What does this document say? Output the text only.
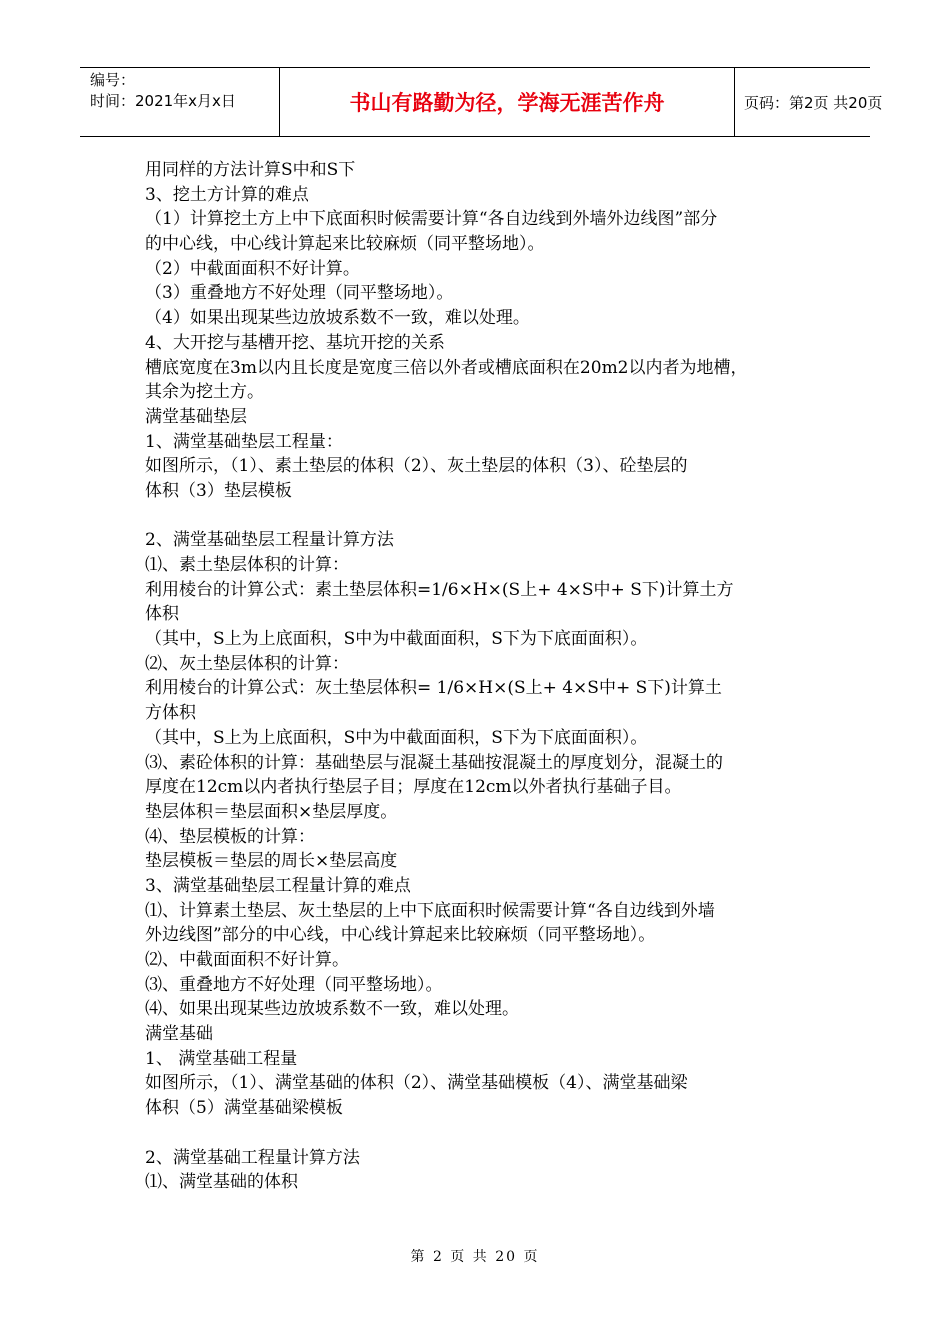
编号：
时间：2021年x月x日	书山有路勤为径，学海无涯苦作舟	页码：第2页 共20页
用同样的方法计算S中和S下
3、挖土方计算的难点
（1）计算挖土方上中下底面积时候需要计算“各自边线到外墙外边线图”部分
的中心线，中心线计算起来比较麻烦（同平整场地）。
（2）中截面面积不好计算。
（3）重叠地方不好处理（同平整场地）。
（4）如果出现某些边放坡系数不一致，难以处理。
4、大开挖与基槽开挖、基坑开挖的关系
槽底宽度在3m以内且长度是宽度三倍以外者或槽底面积在20m2以内者为地槽，
其余为挖土方。
满堂基础垫层
1、满堂基础垫层工程量：
如图所示，（1）、素土垫层的体积（2）、灰土垫层的体积（3）、砼垫层的
体积（3）垫层模板
2、满堂基础垫层工程量计算方法
⑴、素土垫层体积的计算：
利用棱台的计算公式：素土垫层体积=1/6×H×(S上+ 4×S中+ S下)计算土方
体积
（其中，S上为上底面积，S中为中截面面积，S下为下底面面积）。
⑵、灰土垫层体积的计算：
利用棱台的计算公式：灰土垫层体积= 1/6×H×(S上+ 4×S中+ S下)计算土
方体积
（其中，S上为上底面积，S中为中截面面积，S下为下底面面积）。
⑶、素砼体积的计算：基础垫层与混凝土基础按混凝土的厚度划分，混凝土的
厚度在12cm以内者执行垫层子目；厚度在12cm以外者执行基础子目。
垫层体积＝垫层面积×垫层厚度。
⑷、垫层模板的计算：
垫层模板＝垫层的周长×垫层高度
3、满堂基础垫层工程量计算的难点
⑴、计算素土垫层、灰土垫层的上中下底面积时候需要计算“各自边线到外墙
外边线图”部分的中心线，中心线计算起来比较麻烦（同平整场地）。
⑵、中截面面积不好计算。
⑶、重叠地方不好处理（同平整场地）。
⑷、如果出现某些边放坡系数不一致，难以处理。
满堂基础
1、 满堂基础工程量
如图所示，（1）、满堂基础的体积（2）、满堂基础模板（4）、满堂基础梁
体积（5）满堂基础梁模板
2、满堂基础工程量计算方法
⑴、满堂基础的体积
第 2 页 共 20 页
